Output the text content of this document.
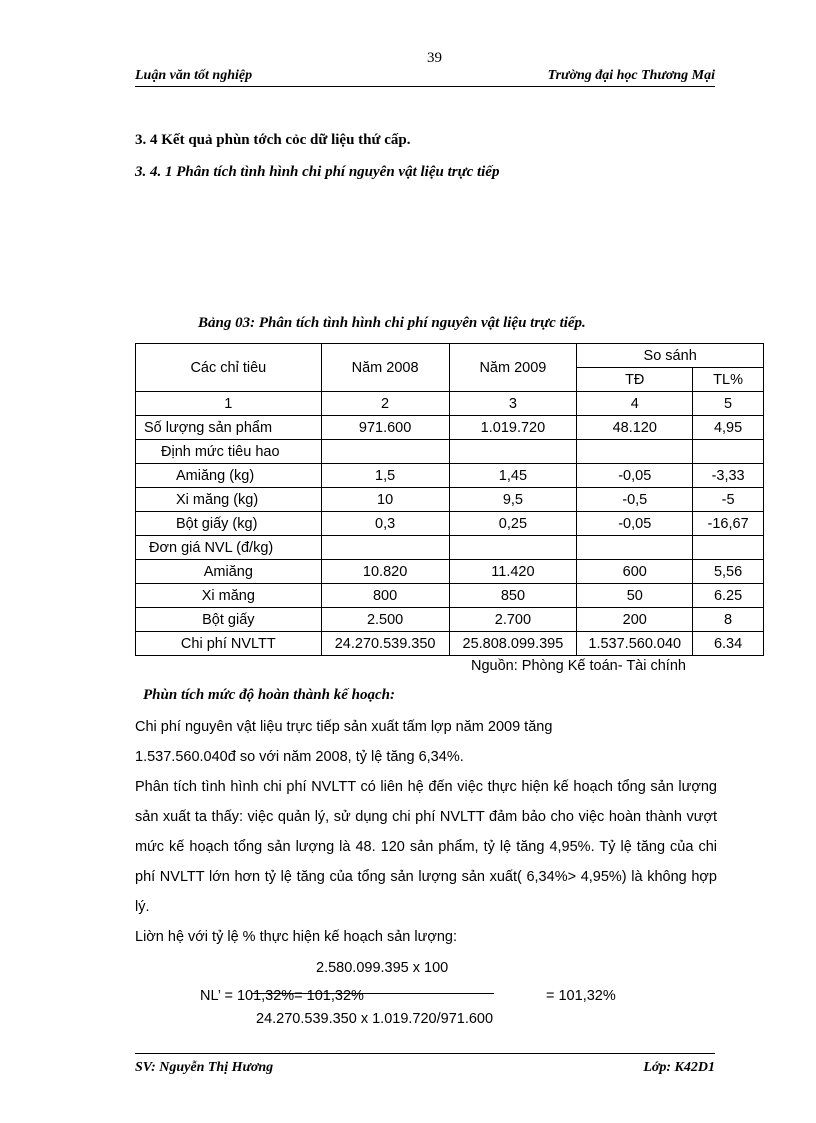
39
Luận văn tốt nghiệp	Trường đại học Thương Mại
3. 4 Kết quả phùn tớch cỏc dữ liệu thứ cấp.
3. 4. 1 Phân tích tình hình chi phí nguyên vật liệu trực tiếp
Bảng 03: Phân tích tình hình chi phí nguyên vật liệu trực tiếp.
Các chỉ tiêu	Năm 2008	Năm 2009	So sánh	
			TĐ	TL%
1	2	3	4	5
Số lượng sản phẩm	971.600	1.019.720	48.120	4,95
Định mức tiêu hao				
Amiăng (kg)	1,5	1,45	-0,05	-3,33
Xi măng (kg)	10	9,5	-0,5	-5
Bột giấy (kg)	0,3	0,25	-0,05	-16,67
Đơn giá NVL (đ/kg)				
Amiăng	10.820	11.420	600	5,56
Xi măng	800	850	50	6.25
Bột giấy	2.500	2.700	200	8
Chi phí NVLTT	24.270.539.350	25.808.099.395	1.537.560.040	6.34
Nguồn: Phòng Kế toán- Tài chính
Phùn tích mức độ hoàn thành kế hoạch:
Chi phí nguyên vật liệu trực tiếp sản xuất tấm lợp năm 2009 tăng
1.537.560.040đ so với năm 2008, tỷ lệ tăng 6,34%.
Phân tích tình hình chi phí NVLTT có liên hệ đến việc thực hiện kế hoạch tổng sản lượng sản xuất ta thấy: việc quản lý, sử dụng chi phí NVLTT đảm bảo cho việc hoàn thành vượt mức kế hoạch tổng sản lượng là 48. 120 sản phẩm, tỷ lệ tăng 4,95%. Tỷ lệ tăng của chi phí NVLTT lớn hơn tỷ lệ tăng của tổng sản lượng sản xuất( 6,34%> 4,95%) là không hợp lý.
Liờn hệ với tỷ lệ % thực hiện kế hoạch sản lượng:
2.580.099.395 x 100
NL’ = 101,32%= 101,32%	= 101,32%
24.270.539.350 x 1.019.720/971.600
SV: Nguyễn Thị Hương	Lớp: K42D1
